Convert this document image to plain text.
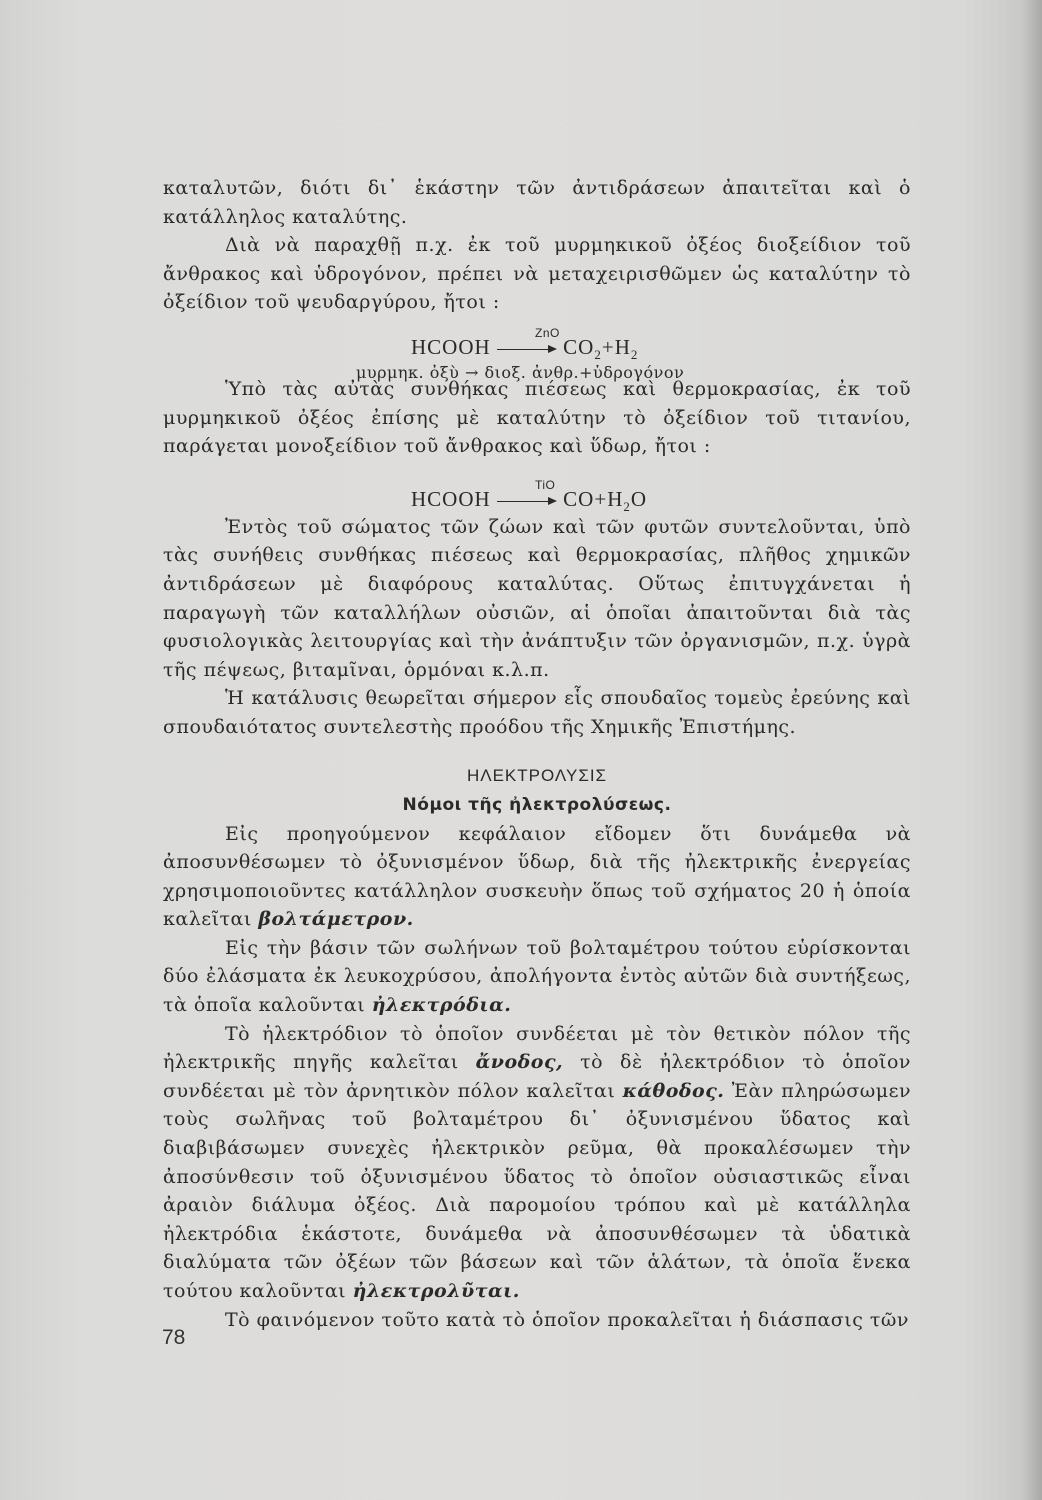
καταλυτῶν, διότι δι᾽ ἑκάστην τῶν ἀντιδράσεων ἀπαιτεῖται καὶ ὁ κατάλληλος καταλύτης.

Διὰ νὰ παραχθῇ π.χ. ἐκ τοῦ μυρμηκικοῦ ὀξέος διοξείδιον τοῦ ἄνθρακος καὶ ὑδρογόνον, πρέπει νὰ μεταχειρισθῶμεν ὡς καταλύτην τὸ ὀξείδιον τοῦ ψευδαργύρου, ἤτοι :

ZnO
HCOOH	$CO_2+H_2$
μυρμηκ. ὀξὺ → διοξ. ἀνθρ.+ὑδρογόνον

Ὑπὸ τὰς αὐτὰς συνθήκας πιέσεως καὶ θερμοκρασίας, ἐκ τοῦ μυρμηκικοῦ ὀξέος ἐπίσης μὲ καταλύτην τὸ ὀξείδιον τοῦ τιτανίου, παράγεται μονοξείδιον τοῦ ἄνθρακος καὶ ὕδωρ, ἤτοι :

TiO
HCOOH	$CO+H_2O$

Ἐντὸς τοῦ σώματος τῶν ζώων καὶ τῶν φυτῶν συντελοῦνται, ὑπὸ τὰς συνήθεις συνθήκας πιέσεως καὶ θερμοκρασίας, πλῆθος χημικῶν ἀντιδράσεων μὲ διαφόρους καταλύτας. Οὕτως ἐπιτυγχάνεται ἡ παραγωγὴ τῶν καταλλήλων οὐσιῶν, αἱ ὁποῖαι ἀπαιτοῦνται διὰ τὰς φυσιολογικὰς λειτουργίας καὶ τὴν ἀνάπτυξιν τῶν ὀργανισμῶν, π.χ. ὑγρὰ τῆς πέψεως, βιταμῖναι, ὁρμόναι κ.λ.π.

Ἡ κατάλυσις θεωρεῖται σήμερον εἷς σπουδαῖος τομεὺς ἐρεύνης καὶ σπουδαιότατος συντελεστὴς προόδου τῆς Χημικῆς Ἐπιστήμης.

ΗΛΕΚΤΡΟΛΥΣΙΣ
Νόμοι τῆς ἠλεκτρολύσεως.

Εἰς προηγούμενον κεφάλαιον εἴδομεν ὅτι δυνάμεθα νὰ ἀποσυνθέσωμεν τὸ ὀξυνισμένον ὕδωρ, διὰ τῆς ἠλεκτρικῆς ἐνεργείας χρησιμοποιοῦντες κατάλληλον συσκευὴν ὅπως τοῦ σχήματος 20 ἡ ὁποία καλεῖται βολτάμετρον.

Εἰς τὴν βάσιν τῶν σωλήνων τοῦ βολταμέτρου τούτου εὑρίσκονται δύο ἐλάσματα ἐκ λευκοχρύσου, ἀπολήγοντα ἐντὸς αὐτῶν διὰ συντήξεως, τὰ ὁποῖα καλοῦνται ἠλεκτρόδια.

Τὸ ἠλεκτρόδιον τὸ ὁποῖον συνδέεται μὲ τὸν θετικὸν πόλον τῆς ἠλεκτρικῆς πηγῆς καλεῖται ἄνοδος, τὸ δὲ ἠλεκτρόδιον τὸ ὁποῖον συνδέεται μὲ τὸν ἀρνητικὸν πόλον καλεῖται κάθοδος. Ἐὰν πληρώσωμεν τοὺς σωλῆνας τοῦ βολταμέτρου δι᾽ ὀξυνισμένου ὕδατος καὶ διαβιβάσωμεν συνεχὲς ἠλεκτρικὸν ρεῦμα, θὰ προκαλέσωμεν τὴν ἀποσύνθεσιν τοῦ ὀξυνισμένου ὕδατος τὸ ὁποῖον οὐσιαστικῶς εἶναι ἀραιὸν διάλυμα ὀξέος. Διὰ παρομοίου τρόπου καὶ μὲ κατάλληλα ἠλεκτρόδια ἑκάστοτε, δυνάμεθα νὰ ἀποσυνθέσωμεν τὰ ὑδατικὰ διαλύματα τῶν ὀξέων τῶν βάσεων καὶ τῶν ἁλάτων, τὰ ὁποῖα ἕνεκα τούτου καλοῦνται ἠλεκτρολῦται.

Τὸ φαινόμενον τοῦτο κατὰ τὸ ὁποῖον προκαλεῖται ἡ διάσπασις τῶν

78
